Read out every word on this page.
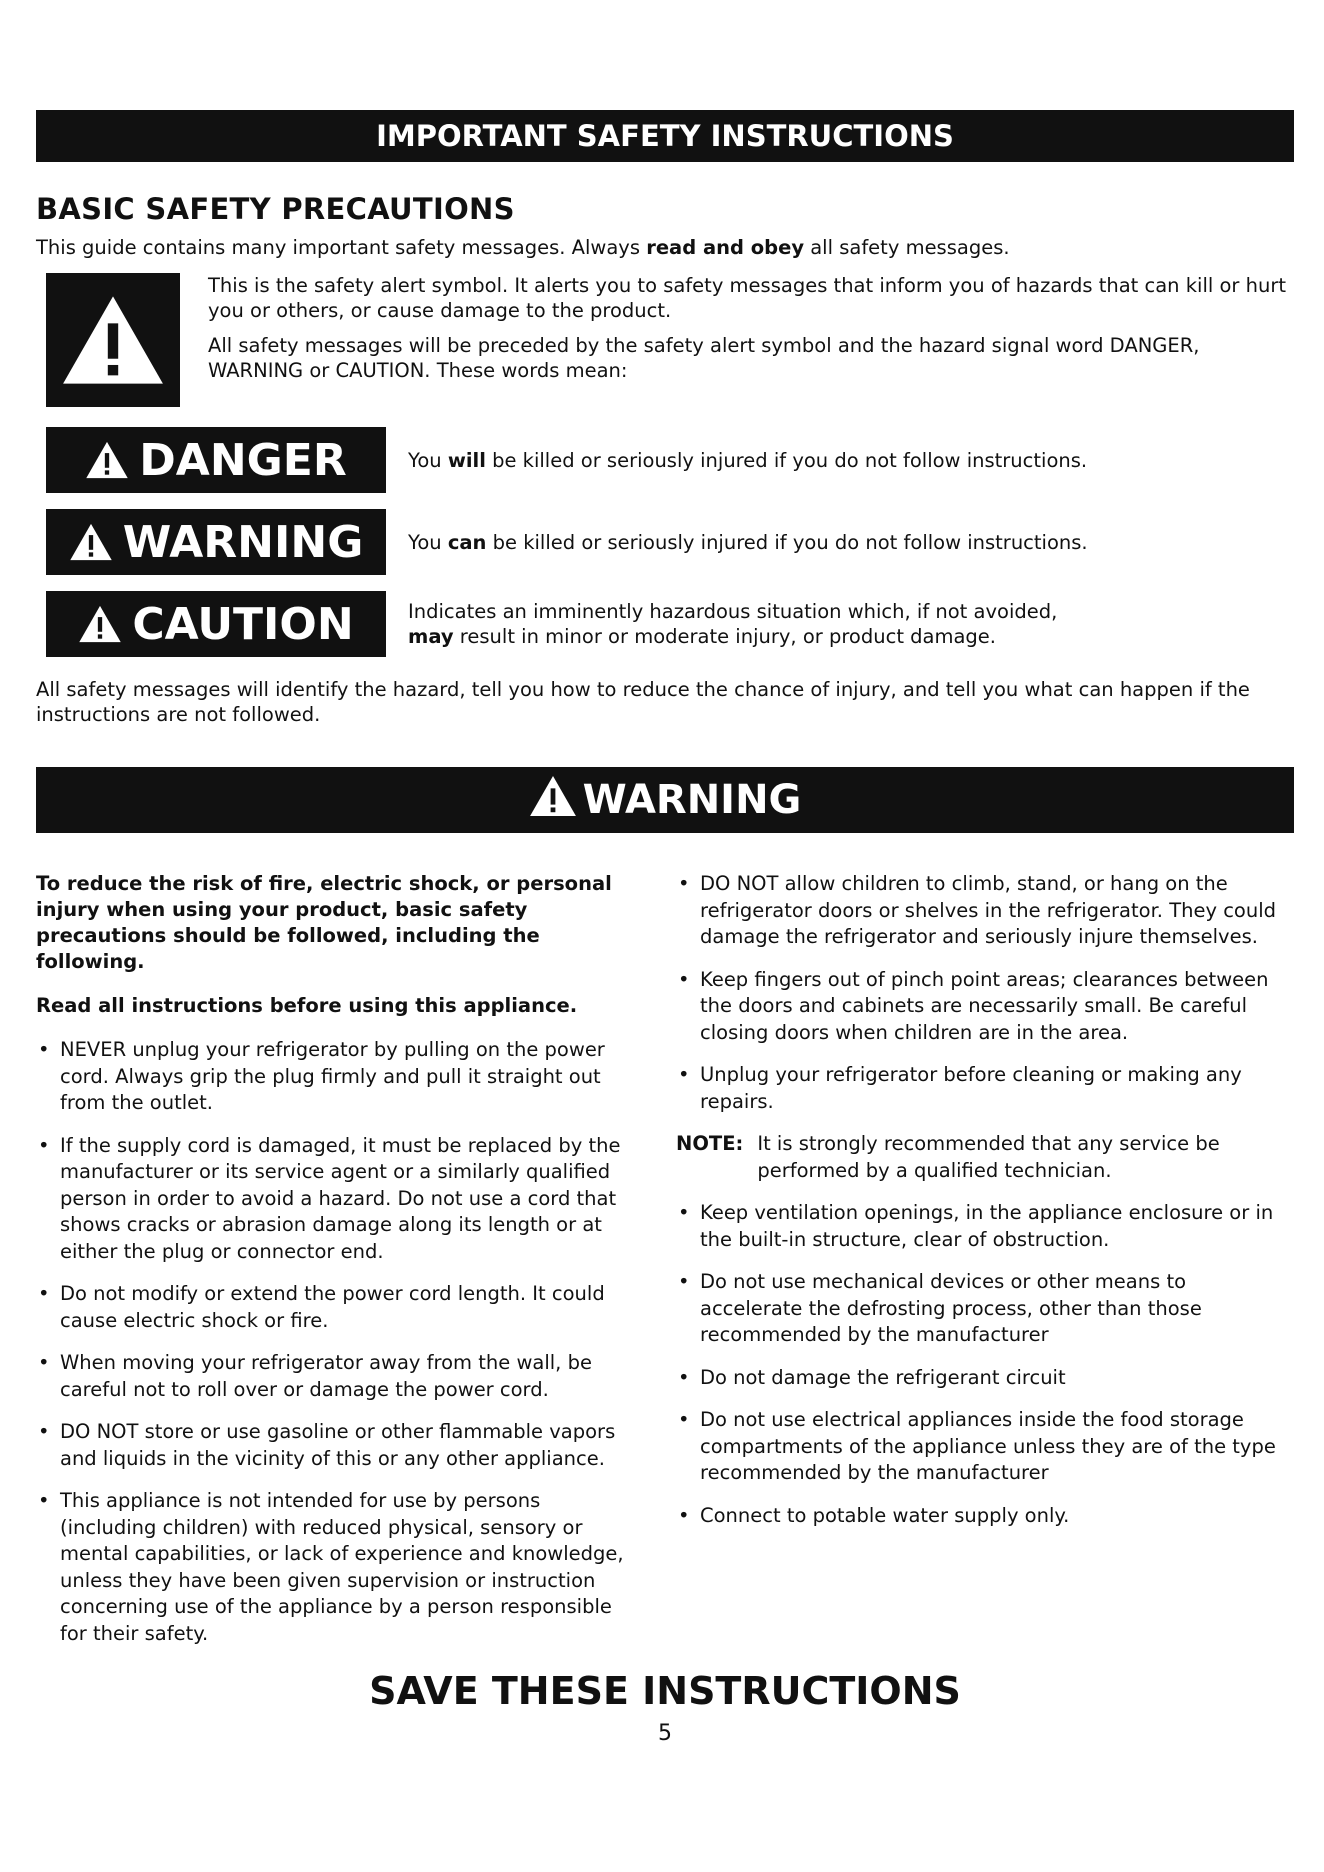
IMPORTANT SAFETY INSTRUCTIONS
BASIC SAFETY PRECAUTIONS

This guide contains many important safety messages. Always read and obey all safety messages.

This is the safety alert symbol. It alerts you to safety messages that inform you of hazards that can kill or hurt you or others, or cause damage to the product.

All safety messages will be preceded by the safety alert symbol and the hazard signal word DANGER, WARNING or CAUTION. These words mean:

DANGER	You will be killed or seriously injured if you do not follow instructions.
WARNING You can be killed or seriously injured if you do not follow instructions.
CAUTION	Indicates an imminently hazardous situation which, if not avoided,
may result in minor or moderate injury, or product damage.
All safety messages will identify the hazard, tell you how to reduce the chance of injury, and tell you what can happen if the instructions are not followed.
WARNING

To reduce the risk of fire, electric shock, or personal injury when using your product, basic safety precautions should be followed, including the following.

Read all instructions before using this appliance.

• NEVER unplug your refrigerator by pulling on the power cord. Always grip the plug firmly and pull it straight out from the outlet.
• If the supply cord is damaged, it must be replaced by the manufacturer or its service agent or a similarly qualified person in order to avoid a hazard. Do not use a cord that shows cracks or abrasion damage along its length or at either the plug or connector end.
• Do not modify or extend the power cord length. It could cause electric shock or fire.
• When moving your refrigerator away from the wall, be careful not to roll over or damage the power cord.
• DO NOT store or use gasoline or other flammable vapors and liquids in the vicinity of this or any other appliance.
• This appliance is not intended for use by persons (including children) with reduced physical, sensory or mental capabilities, or lack of experience and knowledge, unless they have been given supervision or instruction concerning use of the appliance by a person responsible for their safety.
• DO NOT allow children to climb, stand, or hang on the refrigerator doors or shelves in the refrigerator. They could damage the refrigerator and seriously injure themselves.
• Keep fingers out of pinch point areas; clearances between the doors and cabinets are necessarily small. Be careful closing doors when children are in the area.
• Unplug your refrigerator before cleaning or making any repairs.
NOTE: It is strongly recommended that any service be performed by a qualified technician.
• Keep ventilation openings, in the appliance enclosure or in the built-in structure, clear of obstruction.
• Do not use mechanical devices or other means to accelerate the defrosting process, other than those recommended by the manufacturer
• Do not damage the refrigerant circuit
• Do not use electrical appliances inside the food storage compartments of the appliance unless they are of the type recommended by the manufacturer
• Connect to potable water supply only.
SAVE THESE INSTRUCTIONS
5
